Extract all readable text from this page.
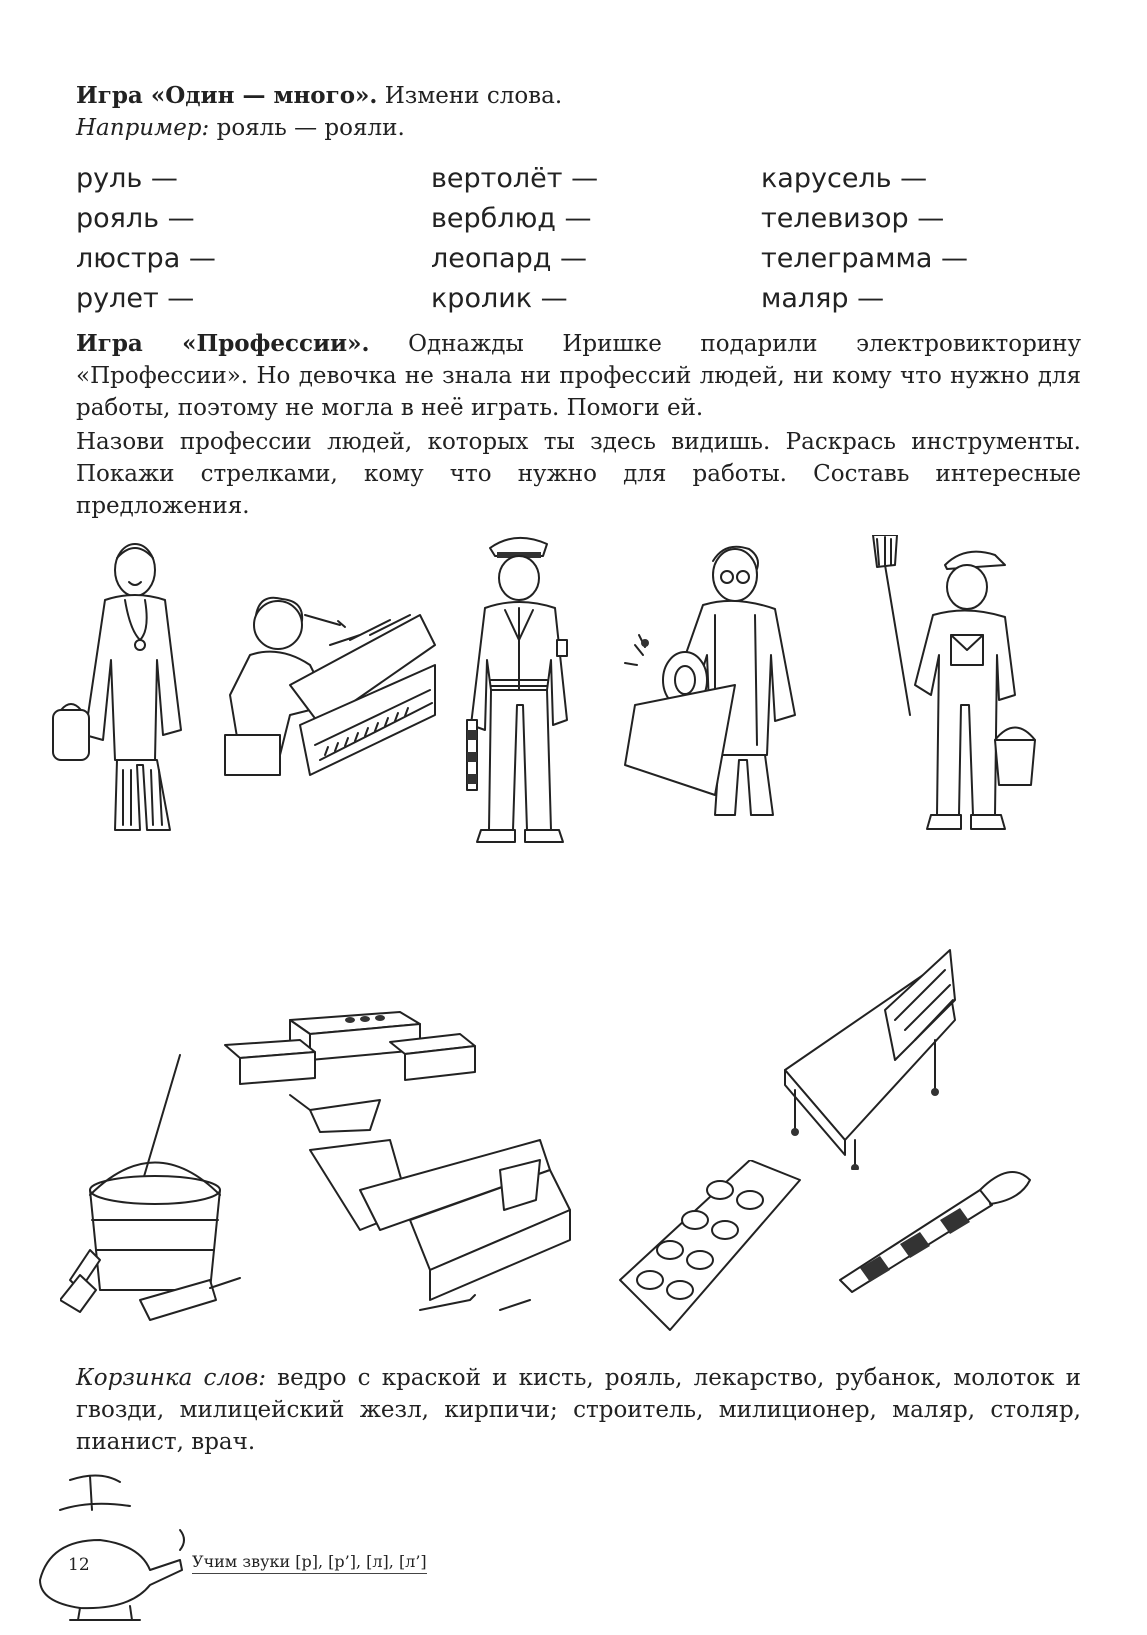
Игра «Один — много». Измени слова.
Например: рояль — рояли.
руль —	вертолёт —	карусель —
рояль —	верблюд —	телевизор —
люстра —	леопард —	телеграмма —
рулет —	кролик —	маляр —
Игра «Профессии». Однажды Иришке подарили электровикторину «Профессии». Но девочка не знала ни профессий людей, ни кому что нужно для работы, поэтому не могла в неё играть. Помоги ей.
Назови профессии людей, которых ты здесь видишь. Раскрась инструменты. Покажи стрелками, кому что нужно для работы. Составь интересные предложения.
Корзинка слов: ведро с краской и кисть, рояль, лекарство, рубанок, молоток и гвозди, милицейский жезл, кирпичи; строитель, милиционер, маляр, столяр, пианист, врач.
12	Учим звуки [р], [р’], [л], [л’]
